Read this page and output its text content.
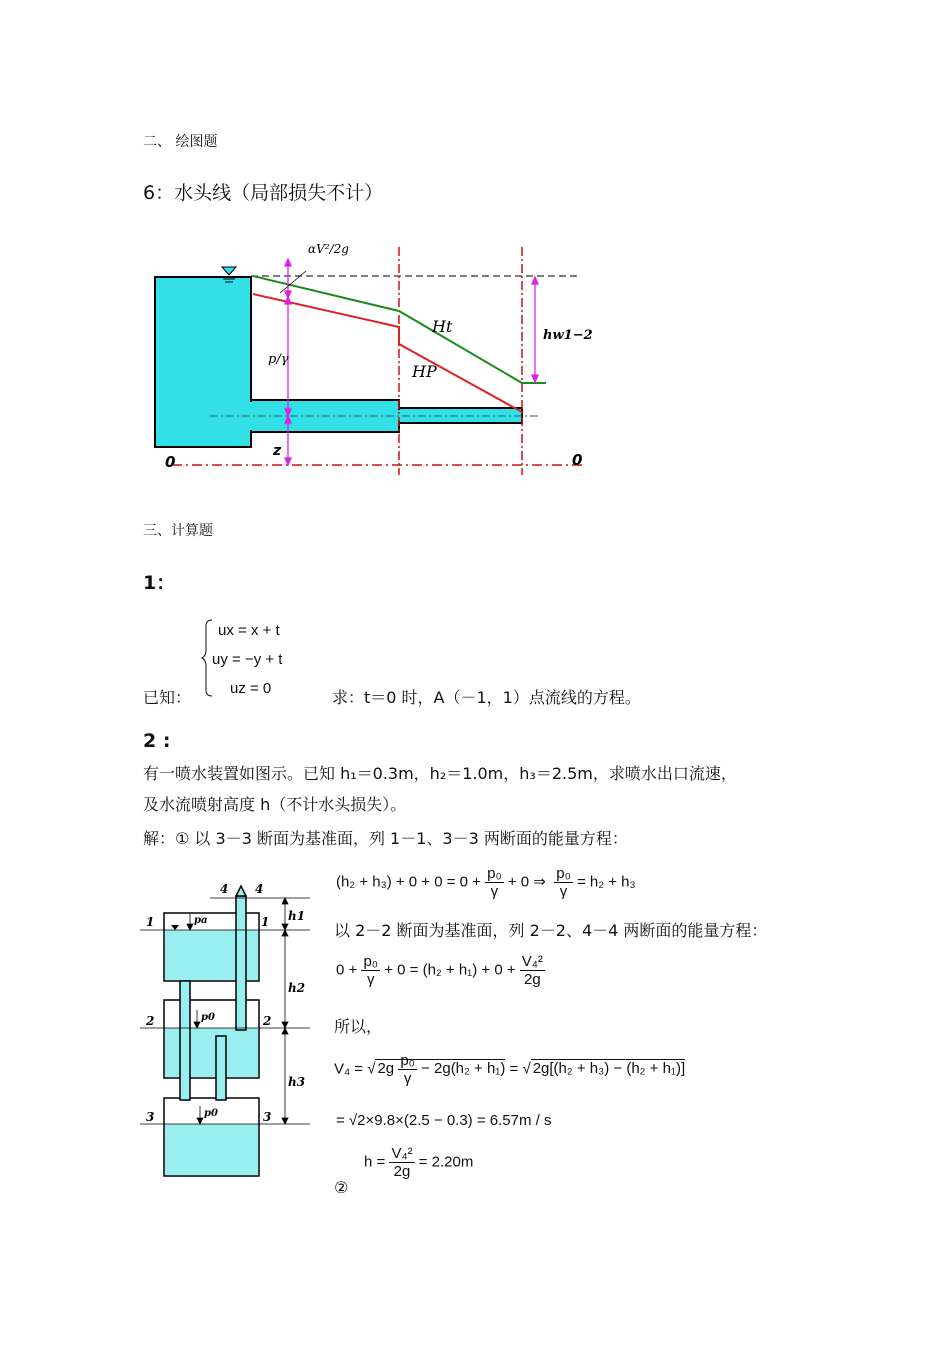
二、 绘图题
6：水头线（局部损失不计）
αV²/2g
Ht
HP
p/γ
z
hw1−2
0	0
三、计算题
1：
ux = x + t
uy = −y + t
uz = 0
已知：	求：t＝0 时，A（－1，1）点流线的方程。
2 :
有一喷水装置如图示。已知 h₁＝0.3m，h₂＝1.0m，h₃＝2.5m，求喷水出口流速，
及水流喷射高度 h（不计水头损失）。
解：① 以 3－3 断面为基准面，列 1－1、3－3 两断面的能量方程：
$(h_2 + h_3) + 0 + 0 = 0 + \frac{\text{p₀}}{\gamma} + 0$ ⇒ $\frac{\text{p₀}}{\gamma} = h_2 + h_3$
以 2－2 断面为基准面，列 2－2、4－4 两断面的能量方程：
$0 + \frac{\text{p₀}}{\gamma} + 0 = (h_2 + h_1) + 0 + \frac{\text{V₄²}}{2g}$
所以，
V₄ = √ $2g \frac{\text{p₀}}{\gamma} - 2g(h_2 + h_1)$ = √ 2g[(h₂ + h₃) − (h₂ + h₁)]
= √2×9.8×(2.5 − 0.3) = 6.57m / s
$h = \frac{\text{V₄²}}{2g} = 2.20m$
②
1	1
2	2
3	3
4 4
h1
h2
h3
pa
p0
p0
